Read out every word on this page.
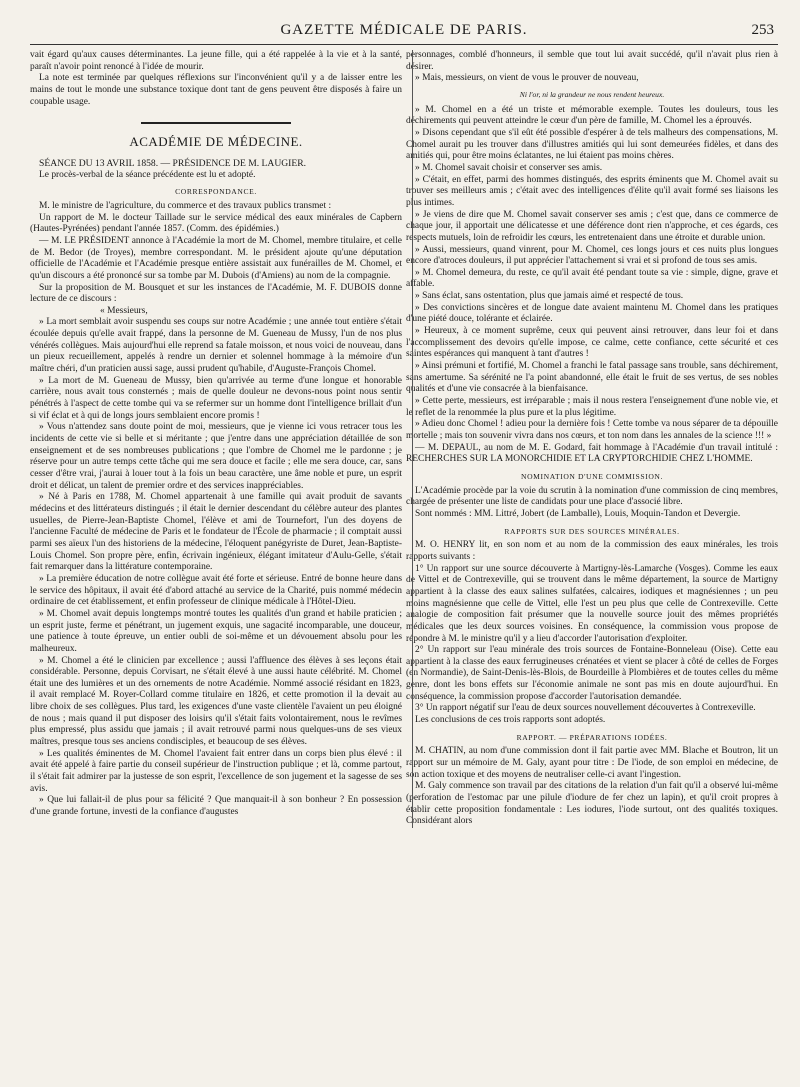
GAZETTE MÉDICALE DE PARIS.	253

vait égard qu'aux causes déterminantes. La jeune fille, qui a été rappelée à la vie et à la santé, paraît n'avoir point renoncé à l'idée de mourir.

La note est terminée par quelques réflexions sur l'inconvénient qu'il y a de laisser entre les mains de tout le monde une substance toxique dont tant de gens peuvent être disposés à faire un coupable usage.

ACADÉMIE DE MÉDECINE.

SÉANCE DU 13 AVRIL 1858. — PRÉSIDENCE DE M. LAUGIER.

Le procès-verbal de la séance précédente est lu et adopté.

CORRESPONDANCE.

M. le ministre de l'agriculture, du commerce et des travaux publics transmet :

Un rapport de M. le docteur Taillade sur le service médical des eaux minérales de Capbern (Hautes-Pyrénées) pendant l'année 1857. (Comm. des épidémies.)

— M. LE PRÉSIDENT annonce à l'Académie la mort de M. Chomel, membre titulaire, et celle de M. Bedor (de Troyes), membre correspondant. M. le président ajoute qu'une députation officielle de l'Académie et l'Académie presque entière assistait aux funérailles de M. Chomel, et qu'un discours a été prononcé sur sa tombe par M. Dubois (d'Amiens) au nom de la compagnie.

Sur la proposition de M. Bousquet et sur les instances de l'Académie, M. F. DUBOIS donne lecture de ce discours :

« Messieurs,

» La mort semblait avoir suspendu ses coups sur notre Académie ; une année tout entière s'était écoulée depuis qu'elle avait frappé, dans la personne de M. Gueneau de Mussy, l'un de nos plus vénérés collègues. Mais aujourd'hui elle reprend sa fatale moisson, et nous voici de nouveau, dans un pieux recueillement, appelés à rendre un dernier et solennel hommage à la mémoire d'un maître chéri, d'un praticien aussi sage, aussi prudent qu'habile, d'Auguste-François Chomel.

» La mort de M. Gueneau de Mussy, bien qu'arrivée au terme d'une longue et honorable carrière, nous avait tous consternés ; mais de quelle douleur ne devons-nous point nous sentir pénétrés à l'aspect de cette tombe qui va se refermer sur un homme dont l'intelligence brillait d'un si vif éclat et à qui de longs jours semblaient encore promis !

» Vous n'attendez sans doute point de moi, messieurs, que je vienne ici vous retracer tous les incidents de cette vie si belle et si méritante ; que j'entre dans une appréciation détaillée de son enseignement et de ses nombreuses publications ; que l'ombre de Chomel me le pardonne ; je réserve pour un autre temps cette tâche qui me sera douce et facile ; elle me sera douce, car, sans cesser d'être vrai, j'aurai à louer tout à la fois un beau caractère, une âme noble et pure, un esprit droit et délicat, un talent de premier ordre et des services inappréciables.

» Né à Paris en 1788, M. Chomel appartenait à une famille qui avait produit de savants médecins et des littérateurs distingués ; il était le dernier descendant du célèbre auteur des plantes usuelles, de Pierre-Jean-Baptiste Chomel, l'élève et ami de Tournefort, l'un des doyens de l'ancienne Faculté de médecine de Paris et le fondateur de l'École de pharmacie ; il comptait aussi parmi ses aïeux l'un des historiens de la médecine, l'éloquent panégyriste de Duret, Jean-Baptiste-Louis Chomel. Son propre père, enfin, écrivain ingénieux, élégant imitateur d'Aulu-Gelle, s'était fait remarquer dans la littérature contemporaine.

» La première éducation de notre collègue avait été forte et sérieuse. Entré de bonne heure dans le service des hôpitaux, il avait été d'abord attaché au service de la Charité, puis nommé médecin ordinaire de cet établissement, et enfin professeur de clinique médicale à l'Hôtel-Dieu.

» M. Chomel avait depuis longtemps montré toutes les qualités d'un grand et habile praticien ; un esprit juste, ferme et pénétrant, un jugement exquis, une sagacité incomparable, une douceur, une patience à toute épreuve, un entier oubli de soi-même et un dévouement absolu pour les malheureux.

» M. Chomel a été le clinicien par excellence ; aussi l'affluence des élèves à ses leçons était considérable. Personne, depuis Corvisart, ne s'était élevé à une aussi haute célébrité. M. Chomel était une des lumières et un des ornements de notre Académie. Nommé associé résidant en 1823, il avait remplacé M. Royer-Collard comme titulaire en 1826, et cette promotion il la devait au libre choix de ses collègues. Plus tard, les exigences d'une vaste clientèle l'avaient un peu éloigné de nous ; mais quand il put disposer des loisirs qu'il s'était faits volontairement, nous le revîmes plus empressé, plus assidu que jamais ; il avait retrouvé parmi nous quelques-uns de ses vieux maîtres, presque tous ses anciens condisciples, et beaucoup de ses élèves.

» Les qualités éminentes de M. Chomel l'avaient fait entrer dans un corps bien plus élevé : il avait été appelé à faire partie du conseil supérieur de l'instruction publique ; et là, comme partout, il s'était fait admirer par la justesse de son esprit, l'excellence de son jugement et la sagesse de ses avis.

» Que lui fallait-il de plus pour sa félicité ? Que manquait-il à son bonheur ? En possession d'une grande fortune, investi de la confiance d'augustes

personnages, comblé d'honneurs, il semble que tout lui avait succédé, qu'il n'avait plus rien à désirer.

» Mais, messieurs, on vient de vous le prouver de nouveau,

Ni l'or, ni la grandeur ne nous rendent heureux.

» M. Chomel en a été un triste et mémorable exemple. Toutes les douleurs, tous les déchirements qui peuvent atteindre le cœur d'un père de famille, M. Chomel les a éprouvés.

» Disons cependant que s'il eût été possible d'espérer à de tels malheurs des compensations, M. Chomel aurait pu les trouver dans d'illustres amitiés qui lui sont demeurées fidèles, et dans des amitiés qui, pour être moins éclatantes, ne lui étaient pas moins chères.

» M. Chomel savait choisir et conserver ses amis.

» C'était, en effet, parmi des hommes distingués, des esprits éminents que M. Chomel avait su trouver ses meilleurs amis ; c'était avec des intelligences d'élite qu'il avait formé ses liaisons les plus intimes.

» Je viens de dire que M. Chomel savait conserver ses amis ; c'est que, dans ce commerce de chaque jour, il apportait une délicatesse et une déférence dont rien n'approche, et ces égards, ces respects mutuels, loin de refroidir les cœurs, les entretenaient dans une étroite et durable union.

» Aussi, messieurs, quand vinrent, pour M. Chomel, ces longs jours et ces nuits plus longues encore d'atroces douleurs, il put apprécier l'attachement si vrai et si profond de tous ses amis.

» M. Chomel demeura, du reste, ce qu'il avait été pendant toute sa vie : simple, digne, grave et affable.

» Sans éclat, sans ostentation, plus que jamais aimé et respecté de tous.

» Des convictions sincères et de longue date avaient maintenu M. Chomel dans les pratiques d'une piété douce, tolérante et éclairée.

» Heureux, à ce moment suprême, ceux qui peuvent ainsi retrouver, dans leur foi et dans l'accomplissement des devoirs qu'elle impose, ce calme, cette confiance, cette sécurité et ces saintes espérances qui manquent à tant d'autres !

» Ainsi prémuni et fortifié, M. Chomel a franchi le fatal passage sans trouble, sans déchirement, sans amertume. Sa sérénité ne l'a point abandonné, elle était le fruit de ses vertus, de ses nobles qualités et d'une vie consacrée à la bienfaisance.

» Cette perte, messieurs, est irréparable ; mais il nous restera l'enseignement d'une noble vie, et le reflet de la renommée la plus pure et la plus légitime.

» Adieu donc Chomel ! adieu pour la dernière fois ! Cette tombe va nous séparer de ta dépouille mortelle ; mais ton souvenir vivra dans nos cœurs, et ton nom dans les annales de la science !!! »

— M. DEPAUL, au nom de M. E. Godard, fait hommage à l'Académie d'un travail intitulé : RECHERCHES SUR LA MONORCHIDIE ET LA CRYPTORCHIDIE CHEZ L'HOMME.

NOMINATION D'UNE COMMISSION.

L'Académie procède par la voie du scrutin à la nomination d'une commission de cinq membres, chargée de présenter une liste de candidats pour une place d'associé libre.

Sont nommés : MM. Littré, Jobert (de Lamballe), Louis, Moquin-Tandon et Devergie.

RAPPORTS SUR DES SOURCES MINÉRALES.

M. O. HENRY lit, en son nom et au nom de la commission des eaux minérales, les trois rapports suivants :

1° Un rapport sur une source découverte à Martigny-lès-Lamarche (Vosges). Comme les eaux de Vittel et de Contrexeville, qui se trouvent dans le même département, la source de Martigny appartient à la classe des eaux salines sulfatées, calcaires, iodiques et magnésiennes ; un peu moins magnésienne que celle de Vittel, elle l'est un peu plus que celle de Contrexeville. Cette analogie de composition fait présumer que la nouvelle source jouit des mêmes propriétés médicales que les deux sources voisines. En conséquence, la commission vous propose de répondre à M. le ministre qu'il y a lieu d'accorder l'autorisation d'exploiter.

2° Un rapport sur l'eau minérale des trois sources de Fontaine-Bonneleau (Oise). Cette eau appartient à la classe des eaux ferrugineuses crénatées et vient se placer à côté de celles de Forges (en Normandie), de Saint-Denis-lès-Blois, de Bourdeille à Plombières et de toutes celles du même genre, dont les bons effets sur l'économie animale ne sont pas mis en doute aujourd'hui. En conséquence, la commission propose d'accorder l'autorisation demandée.

3° Un rapport négatif sur l'eau de deux sources nouvellement découvertes à Contrexeville.

Les conclusions de ces trois rapports sont adoptés.

RAPPORT. — PRÉPARATIONS IODÉES.

M. CHATIN, au nom d'une commission dont il fait partie avec MM. Blache et Boutron, lit un rapport sur un mémoire de M. Galy, ayant pour titre : De l'iode, de son emploi en médecine, de son action toxique et des moyens de neutraliser celle-ci avant l'ingestion.

M. Galy commence son travail par des citations de la relation d'un fait qu'il a observé lui-même (perforation de l'estomac par une pilule d'iodure de fer chez un lapin), et qu'il croit propres à établir cette proposition fondamentale : Les iodures, l'iode surtout, ont des qualités toxiques. Considérant alors
